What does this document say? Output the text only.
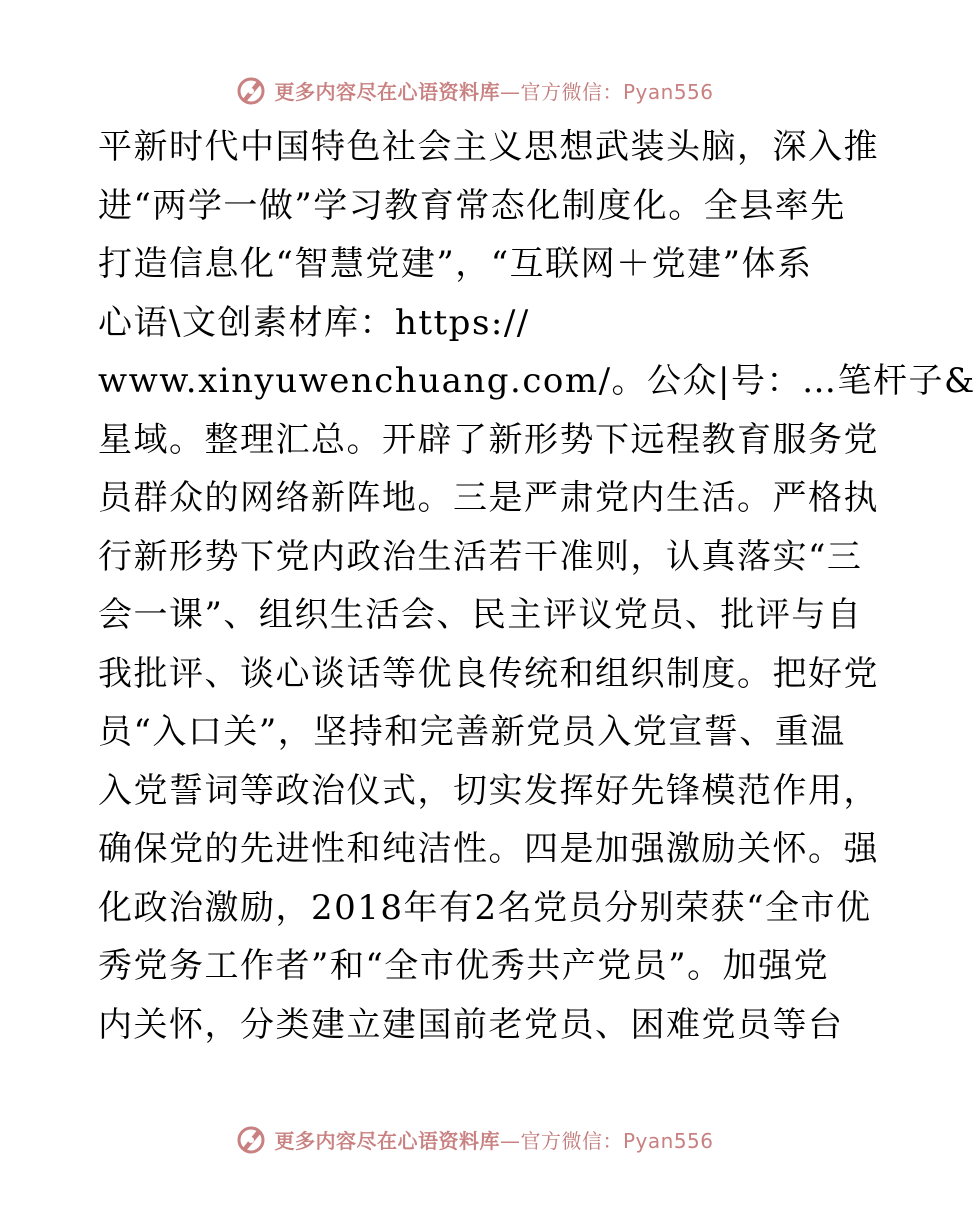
更多内容尽在心语资料库—官方微信：Pyan556
平新时代中国特色社会主义思想武装头脑，深入推
进“两学一做”学习教育常态化制度化。全县率先
打造信息化“智慧党建”，“互联网＋党建”体系
心语\文创素材库：https://
www.xinyuwenchuang.com/。公众|号：…笔杆子&
星域。整理汇总。开辟了新形势下远程教育服务党
员群众的网络新阵地。三是严肃党内生活。严格执
行新形势下党内政治生活若干准则，认真落实“三
会一课”、组织生活会、民主评议党员、批评与自
我批评、谈心谈话等优良传统和组织制度。把好党
员“入口关”，坚持和完善新党员入党宣誓、重温
入党誓词等政治仪式，切实发挥好先锋模范作用，
确保党的先进性和纯洁性。四是加强激励关怀。强
化政治激励，2018年有2名党员分别荣获“全市优
秀党务工作者”和“全市优秀共产党员”。加强党
内关怀，分类建立建国前老党员、困难党员等台
更多内容尽在心语资料库—官方微信：Pyan556
